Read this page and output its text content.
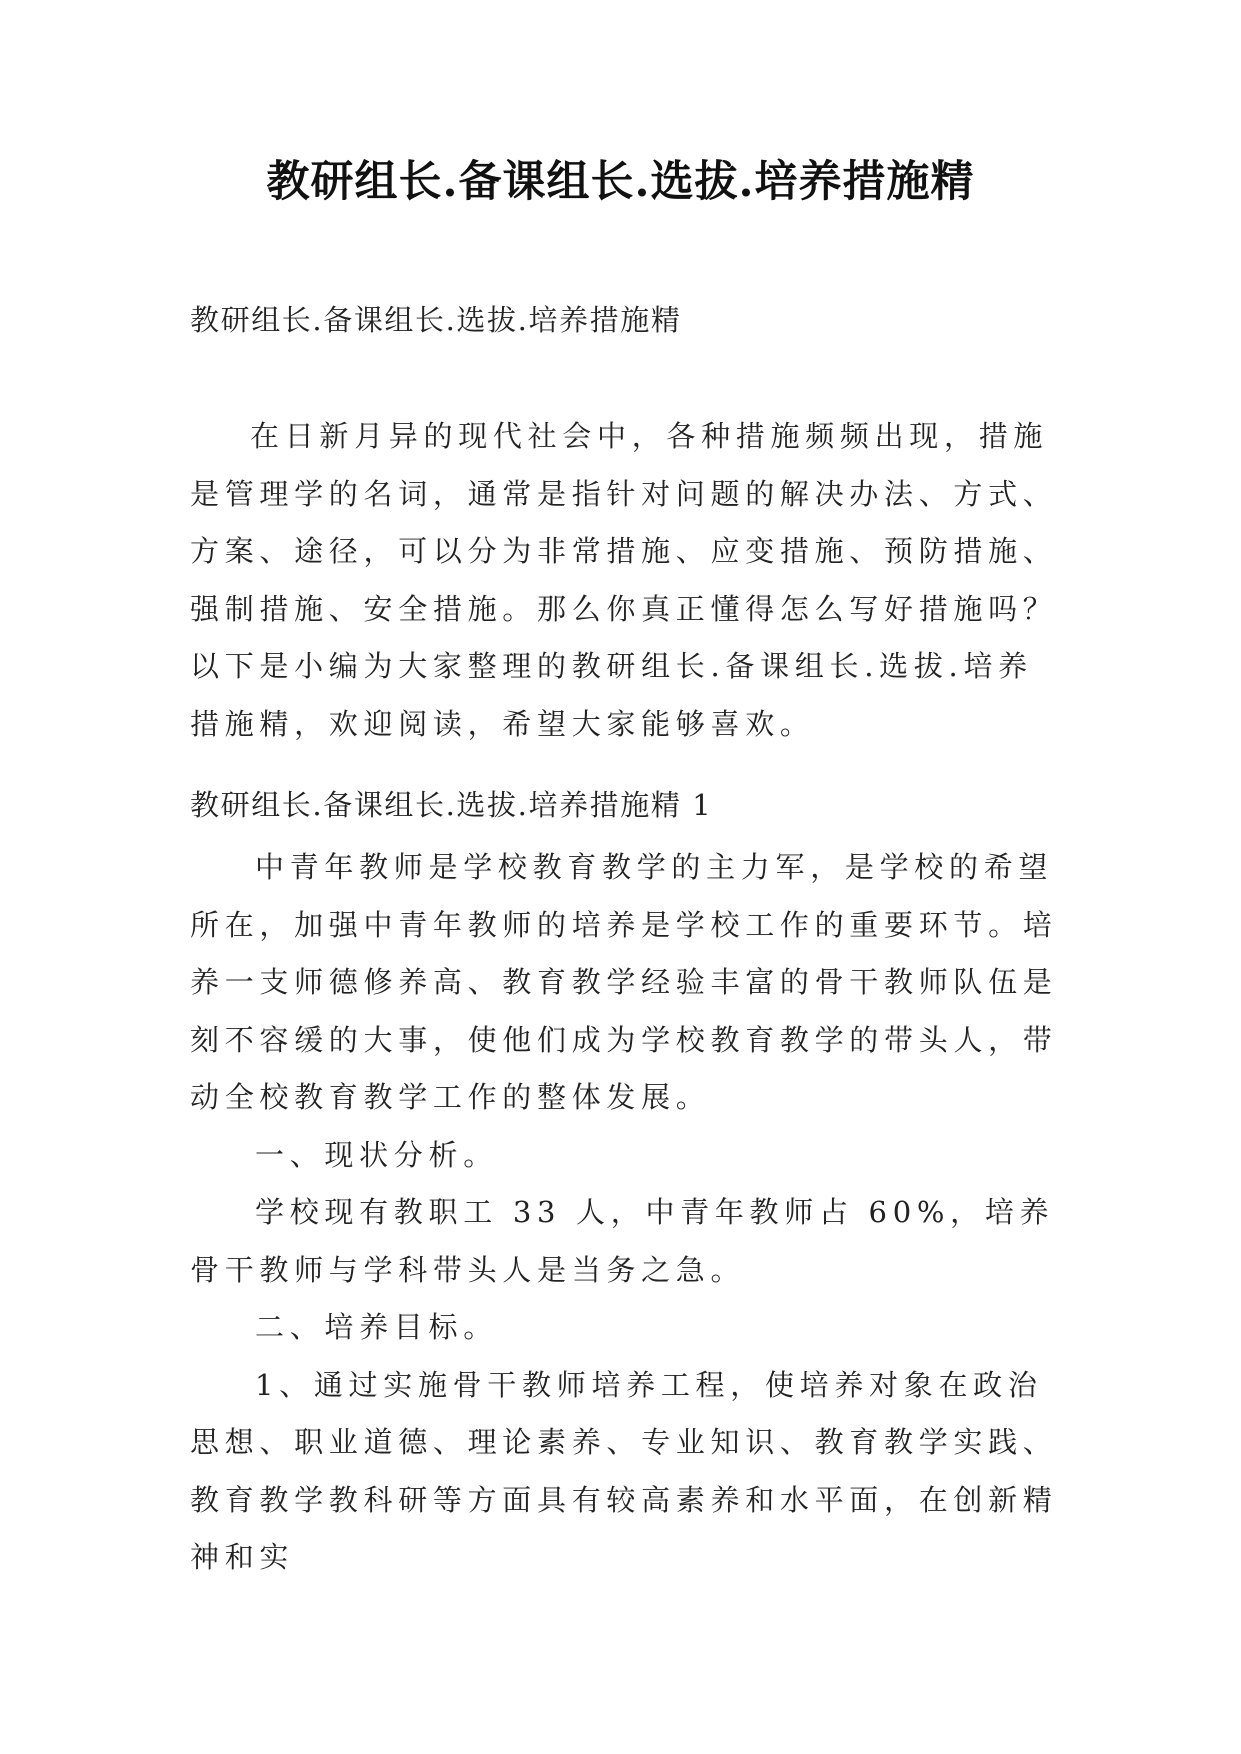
教研组长.备课组长.选拔.培养措施精

教研组长.备课组长.选拔.培养措施精

在日新月异的现代社会中，各种措施频频出现，措施是管理学的名词，通常是指针对问题的解决办法、方式、方案、途径，可以分为非常措施、应变措施、预防措施、强制措施、安全措施。那么你真正懂得怎么写好措施吗？以下是小编为大家整理的教研组长.备课组长.选拔.培养措施精，欢迎阅读，希望大家能够喜欢。

教研组长.备课组长.选拔.培养措施精 1

中青年教师是学校教育教学的主力军，是学校的希望所在，加强中青年教师的培养是学校工作的重要环节。培养一支师德修养高、教育教学经验丰富的骨干教师队伍是刻不容缓的大事，使他们成为学校教育教学的带头人，带动全校教育教学工作的整体发展。

一、现状分析。

学校现有教职工 33 人，中青年教师占 60%，培养骨干教师与学科带头人是当务之急。

二、培养目标。

1、通过实施骨干教师培养工程，使培养对象在政治思想、职业道德、理论素养、专业知识、教育教学实践、教育教学教科研等方面具有较高素养和水平面，在创新精神和实
